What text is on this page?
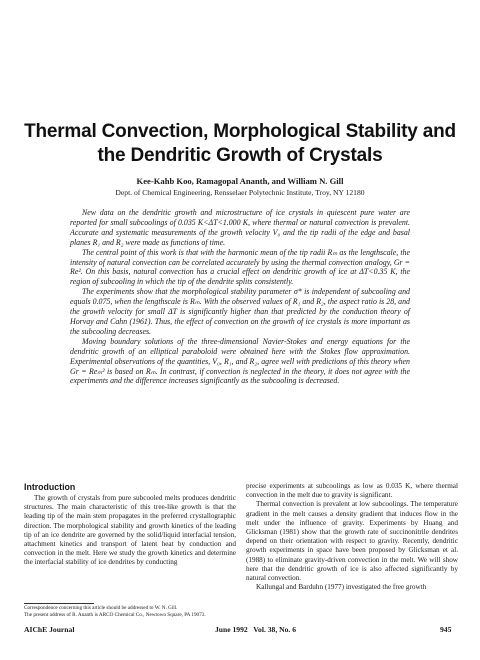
Thermal Convection, Morphological Stability and
the Dendritic Growth of Crystals
Kee-Kahb Koo, Ramagopal Ananth, and William N. Gill
Dept. of Chemical Engineering, Rensselaer Polytechnic Institute, Troy, NY 12180

New data on the dendritic growth and microstructure of ice crystals in quiescent pure water are reported for small subcoolings of 0.035 K<ΔT<1.000 K, where thermal or natural convection is prevalent. Accurate and systematic measurements of the growth velocity V₀ and the tip radii of the edge and basal planes R₁ and R₂ were made as functions of time.

The central point of this work is that with the harmonic mean of the tip radii Rₘ as the lengthscale, the intensity of natural convection can be correlated accurately by using the thermal convection analogy, Gr = Re². On this basis, natural convection has a crucial effect on dendritic growth of ice at ΔT<0.35 K, the region of subcooling in which the tip of the dendrite splits consistently.

The experiments show that the morphological stability parameter σ* is independent of subcooling and equals 0.075, when the lengthscale is Rₘ. With the observed values of R₁ and R₂, the aspect ratio is 28, and the growth velocity for small ΔT is significantly higher than that predicted by the conduction theory of Horvay and Cahn (1961). Thus, the effect of convection on the growth of ice crystals is more important as the subcooling decreases.

Moving boundary solutions of the three-dimensional Navier-Stokes and energy equations for the dendritic growth of an elliptical paraboloid were obtained here with the Stokes flow approximation. Experimental observations of the quantities, V₀, R₁, and R₂, agree well with predictions of this theory when Gr = Reₘ² is based on Rₘ. In contrast, if convection is neglected in the theory, it does not agree with the experiments and the difference increases significantly as the subcooling is decreased.

Introduction

The growth of crystals from pure subcooled melts produces dendritic structures. The main characteristic of this tree-like growth is that the leading tip of the main stem propagates in the preferred crystallographic direction. The morphological stability and growth kinetics of the leading tip of an ice dendrite are governed by the solid/liquid interfacial tension, attachment kinetics and transport of latent heat by conduction and convection in the melt. Here we study the growth kinetics and determine the interfacial stability of ice dendrites by conducting

precise experiments at subcoolings as low as 0.035 K, where thermal convection in the melt due to gravity is significant.

Thermal convection is prevalent at low subcoolings. The temperature gradient in the melt causes a density gradient that induces flow in the melt under the influence of gravity. Experiments by Huang and Glicksman (1981) show that the growth rate of succinonitrile dendrites depend on their orientation with respect to gravity. Recently, dendritic growth experiments in space have been proposed by Glicksman et al. (1988) to eliminate gravity-driven convection in the melt. We will show here that the dendritic growth of ice is also affected significantly by natural convection.

Kallungal and Barduhn (1977) investigated the free growth

Correspondence concerning this article should be addressed to W. N. Gill.
The present address of R. Ananth is ARCO Chemical Co., Newtown Square, PA 19073.
AIChE Journal	June 1992   Vol. 38, No. 6	945
